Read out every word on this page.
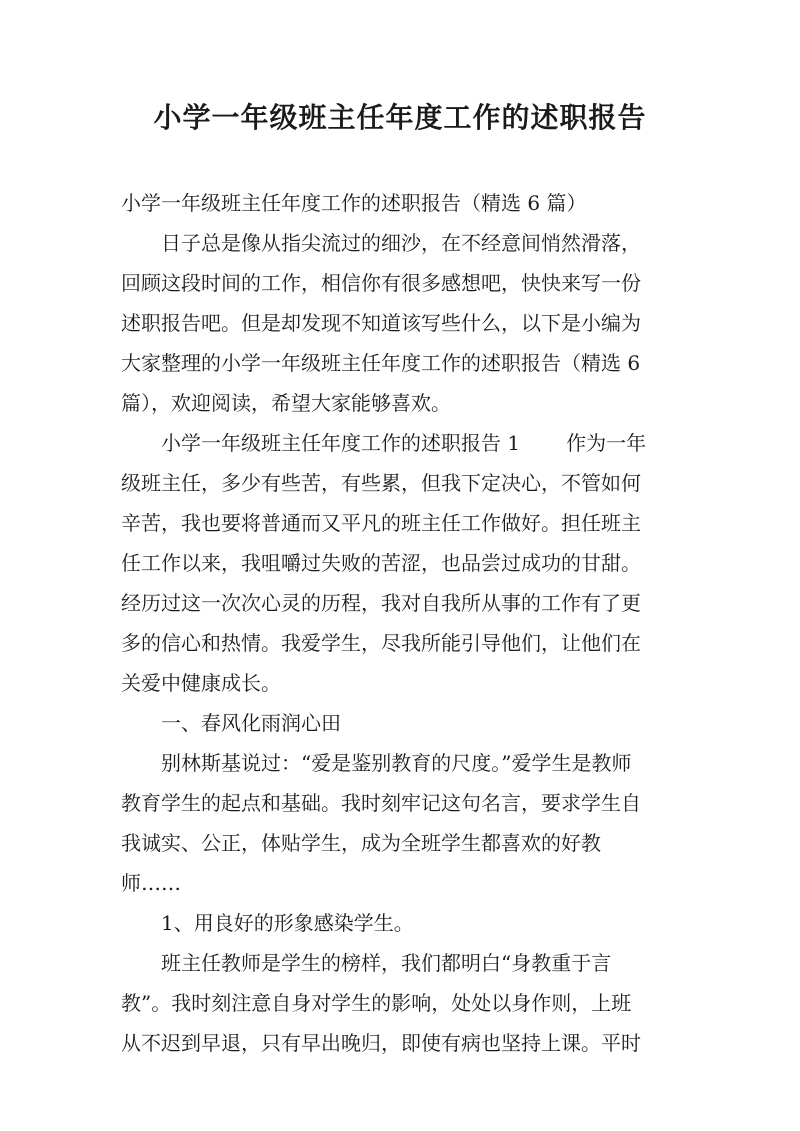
小学一年级班主任年度工作的述职报告
小学一年级班主任年度工作的述职报告（精选 6 篇）
日子总是像从指尖流过的细沙，在不经意间悄然滑落，
回顾这段时间的工作，相信你有很多感想吧，快快来写一份
述职报告吧。但是却发现不知道该写些什么，以下是小编为
大家整理的小学一年级班主任年度工作的述职报告（精选 6
篇），欢迎阅读，希望大家能够喜欢。
小学一年级班主任年度工作的述职报告 1 作为一年
级班主任，多少有些苦，有些累，但我下定决心，不管如何
辛苦，我也要将普通而又平凡的班主任工作做好。担任班主
任工作以来，我咀嚼过失败的苦涩，也品尝过成功的甘甜。
经历过这一次次心灵的历程，我对自我所从事的工作有了更
多的信心和热情。我爱学生，尽我所能引导他们，让他们在
关爱中健康成长。
一、春风化雨润心田
别林斯基说过：“爱是鉴别教育的尺度。”爱学生是教师
教育学生的起点和基础。我时刻牢记这句名言，要求学生自
我诚实、公正，体贴学生，成为全班学生都喜欢的好教
师……
1、用良好的形象感染学生。
班主任教师是学生的榜样，我们都明白“身教重于言
教”。我时刻注意自身对学生的影响，处处以身作则，上班
从不迟到早退，只有早出晚归，即使有病也坚持上课。平时
